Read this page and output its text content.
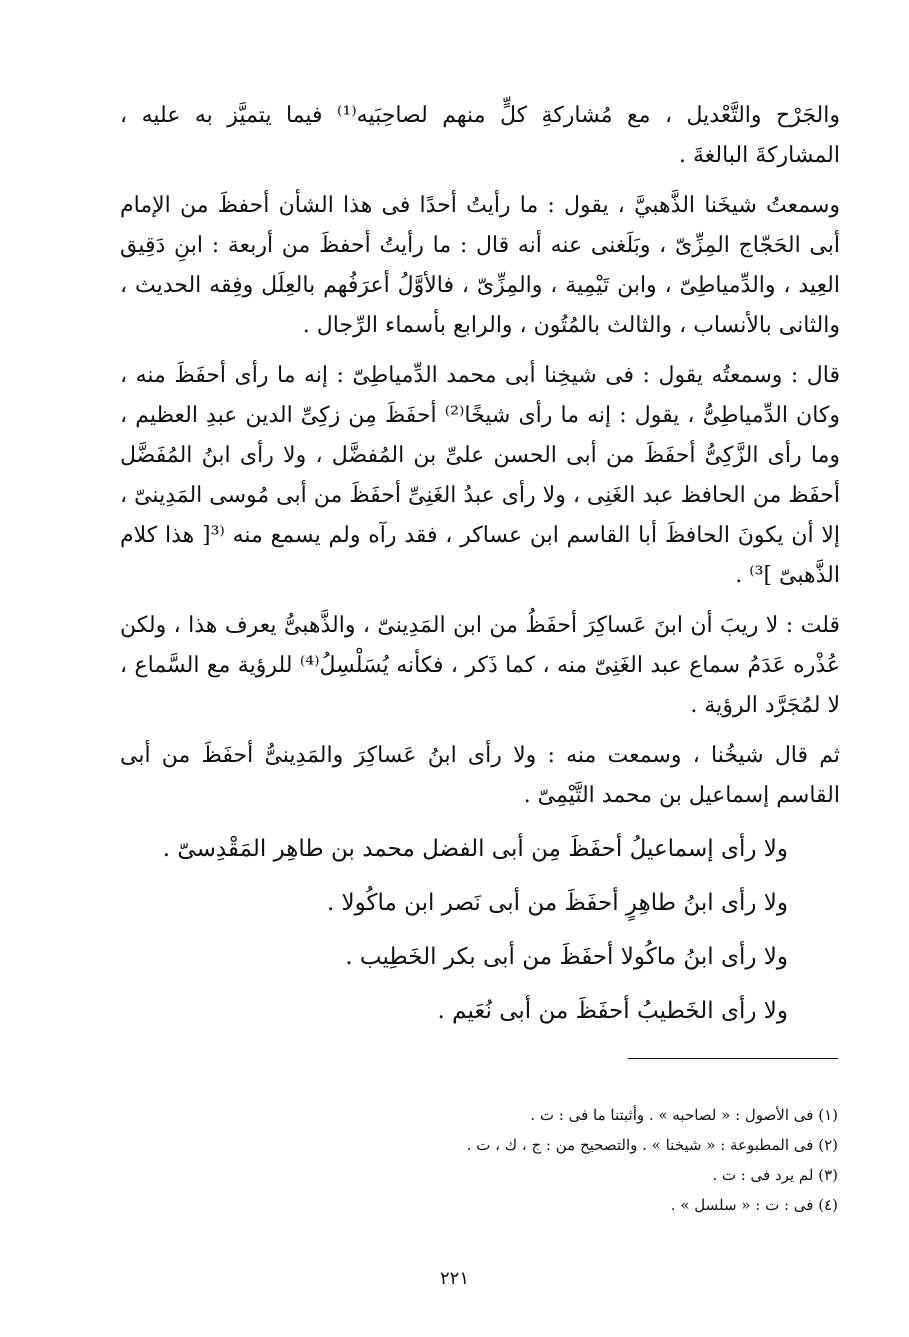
والجَرْح والتَّعْديل ، مع مُشاركةِ كلٍّ منهم لصاحِبَيه⁽¹⁾ فيما يتميَّز به عليه ، المشاركةَ البالغةَ .

وسمعتُ شيخَنا الذَّهبيَّ ، يقول : ما رأيتُ أحدًا فى هذا الشأن أحفظَ من الإمام أبى الحَجّاج المِزِّىّ ، وبَلَغنى عنه أنه قال : ما رأيتُ أحفظَ من أربعة : ابنِ دَقِيق العِيد ، والدِّمياطِىّ ، وابن تَيْمِية ، والمِزِّىّ ، فالأوَّلُ أعرَفُهم بالعِلَل وفِقه الحديث ، والثانى بالأنساب ، والثالث بالمُتُون ، والرابع بأسماء الرِّجال .

قال : وسمعتُه يقول : فى شيخِنا أبى محمد الدِّمياطِىّ : إنه ما رأى أحفَظَ منه ، وكان الدِّمياطِىُّ ، يقول : إنه ما رأى شيخًا⁽²⁾ أحفَظَ مِن زكِىِّ الدين عبدِ العظيم ، وما رأى الزَّكِىُّ أحفَظَ من أبى الحسن علىِّ بن المُفضَّل ، ولا رأى ابنُ المُفَضَّل أحفَظ من الحافظ عبد الغَنِى ، ولا رأى عبدُ الغَنِىِّ أحفَظَ من أبى مُوسى المَدِينىّ ، إلا أن يكونَ الحافظَ أبا القاسم ابن عساكر ، فقد رآه ولم يسمع منه ⁽³[ هذا كلام الذَّهبىّ ]³⁾ .

قلت : لا ريبَ أن ابنَ عَساكِرَ أحفَظُ من ابن المَدِينىّ ، والذَّهبىُّ يعرف هذا ، ولكن عُذْره عَدَمُ سماع عبد الغَنِىّ منه ، كما ذَكر ، فكأنه يُسَلْسِلُ⁽⁴⁾ للرؤية مع السَّماع ، لا لمُجَرَّد الرؤية .

ثم قال شيخُنا ، وسمعت منه : ولا رأى ابنُ عَساكِرَ والمَدِينىُّ أحفَظَ من أبى القاسم إسماعيل بن محمد التَّيْمِىّ .

ولا رأى إسماعيلُ أحفَظَ مِن أبى الفضل محمد بن طاهِر المَقْدِسىّ .
ولا رأى ابنُ طاهِرٍ أحفَظَ من أبى نَصر ابن ماكُولا .
ولا رأى ابنُ ماكُولا أحفَظَ من أبى بكر الخَطِيب .
ولا رأى الخَطيبُ أحفَظَ من أبى نُعَيم .
(١) فى الأصول : « لصاحبه » . وأثبتنا ما فى : ت .
(٢) فى المطبوعة : « شيخنا » . والتصحيح من : ج ، ك ، ت .
(٣) لم يرد فى : ت .
(٤) فى : ت : « سلسل » .
٢٢١
